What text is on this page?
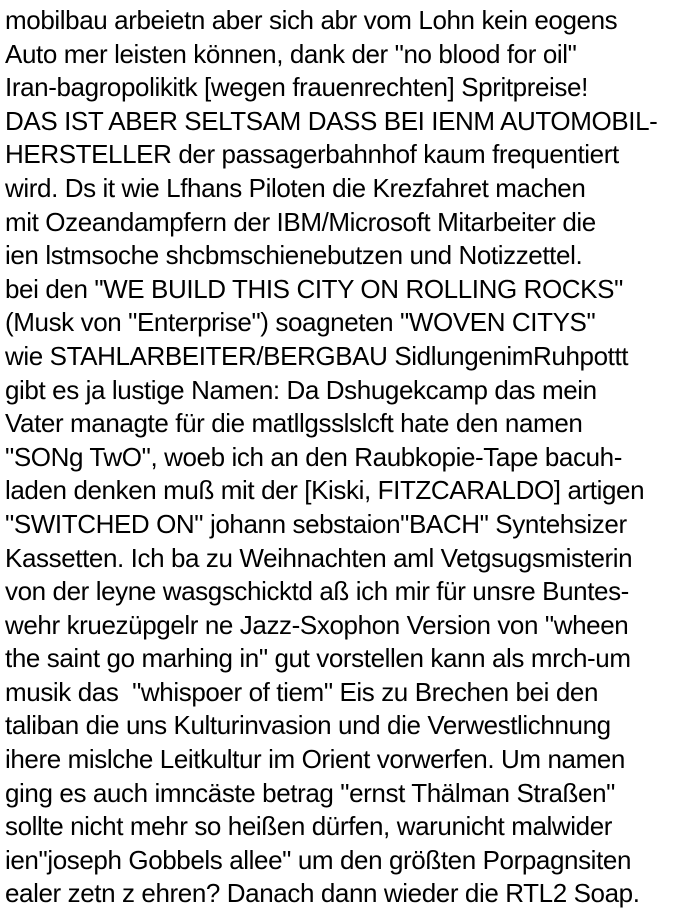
mobilbau arbeietn aber sich abr vom Lohn kein eogens
Auto mer leisten können, dank der "no blood for oil"
Iran-bagropolikitk [wegen frauenrechten] Spritpreise!
DAS IST ABER SELTSAM DASS BEI IENM AUTOMOBIL-
HERSTELLER der passagerbahnhof kaum frequentiert
wird. Ds it wie Lfhans Piloten die Krezfahret machen
mit Ozeandampfern der IBM/Microsoft Mitarbeiter die
ien lstmsoche shcbmschienebutzen und Notizzettel.
bei den "WE BUILD THIS CITY ON ROLLING ROCKS"
(Musk von "Enterprise") soagneten "WOVEN CITYS"
wie STAHLARBEITER/BERGBAU SidlungenimRuhpottt
gibt es ja lustige Namen: Da Dshugekcamp das mein
Vater managte für die matllgsslslcft hate den namen
"SONg TwO", woeb ich an den Raubkopie-Tape bacuh-
laden denken muß mit der [Kiski, FITZCARALDO] artigen
"SWITCHED ON" johann sebstaion"BACH" Syntehsizer
Kassetten. Ich ba zu Weihnachten aml Vetgsugsmisterin
von der leyne wasgschicktd aß ich mir für unsre Buntes-
wehr kruezüpgelr ne Jazz-Sxophon Version von "wheen
the saint go marhing in" gut vorstellen kann als mrch-um
musik das  "whispoer of tiem" Eis zu Brechen bei den
taliban die uns Kulturinvasion und die Verwestlichnung
ihere mislche Leitkultur im Orient vorwerfen. Um namen
ging es auch imncäste betrag "ernst Thälman Straßen"
sollte nicht mehr so heißen dürfen, warunicht malwider
ien"joseph Gobbels allee" um den größten Porpagnsiten
ealer zetn z ehren? Danach dann wieder die RTL2 Soap.
